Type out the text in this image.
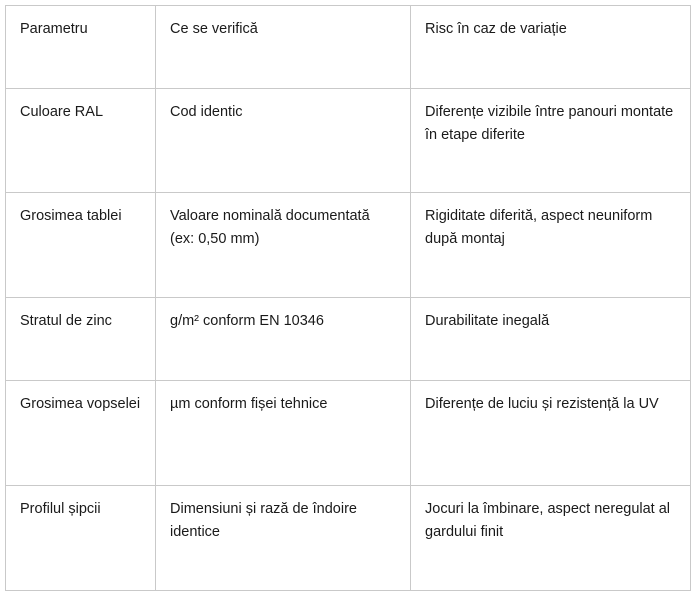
Parametru	Ce se verifică	Risc în caz de variație
Culoare RAL	Cod identic	Diferențe vizibile între panouri montate în etape diferite
Grosimea tablei	Valoare nominală documentată (ex: 0,50 mm)	Rigiditate diferită, aspect neuniform după montaj
Stratul de zinc	g/m² conform EN 10346	Durabilitate inegală
Grosimea vopselei	µm conform fișei tehnice	Diferențe de luciu și rezistență la UV
Profilul șipcii	Dimensiuni și rază de îndoire identice	Jocuri la îmbinare, aspect neregulat al gardului finit
